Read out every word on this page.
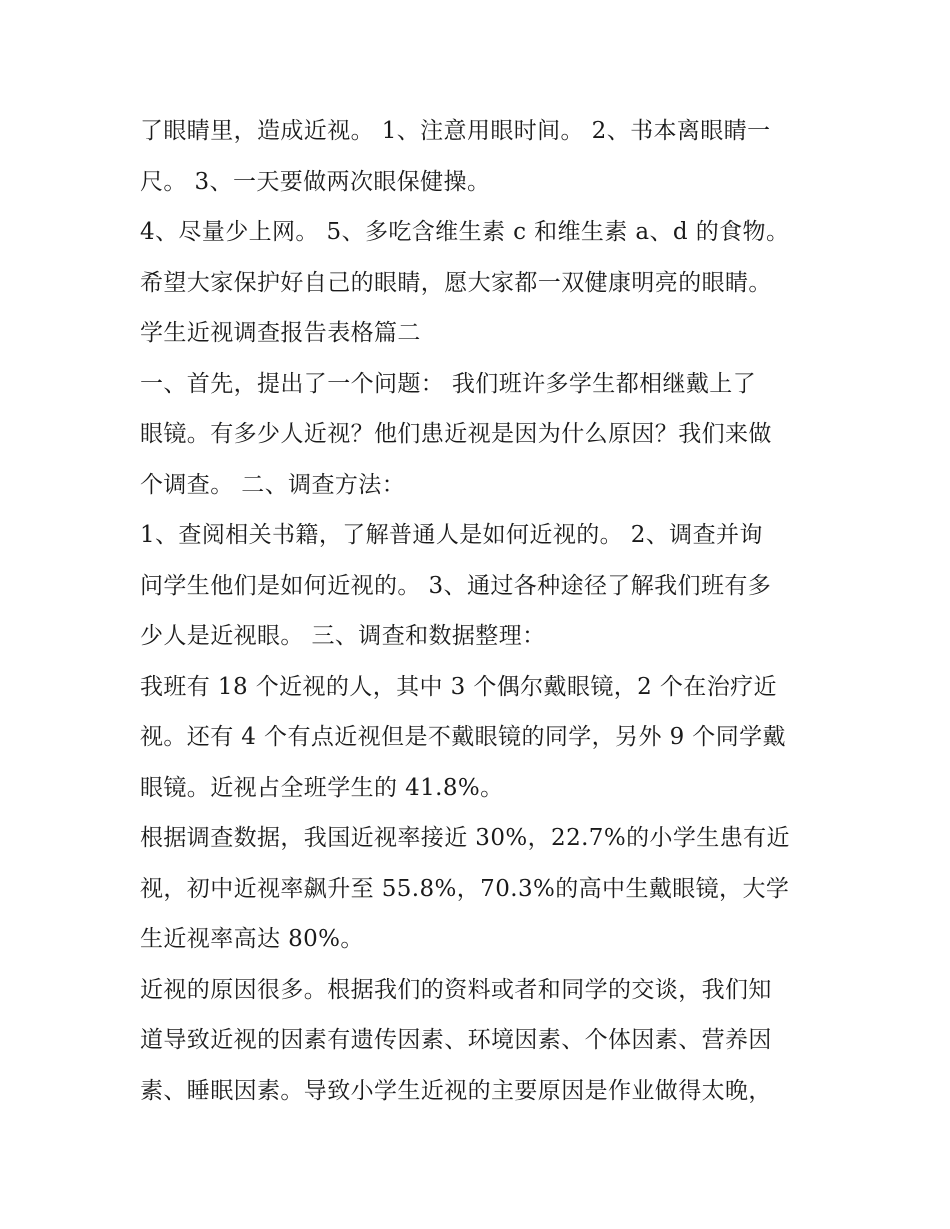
了眼睛里，造成近视。 1、注意用眼时间。 2、书本离眼睛一
尺。 3、一天要做两次眼保健操。
4、尽量少上网。 5、多吃含维生素 c 和维生素 a、d 的食物。
希望大家保护好自己的眼睛，愿大家都一双健康明亮的眼睛。
学生近视调查报告表格篇二
一、首先，提出了一个问题： 我们班许多学生都相继戴上了
眼镜。有多少人近视？他们患近视是因为什么原因？我们来做
个调查。 二、调查方法：
1、查阅相关书籍，了解普通人是如何近视的。 2、调查并询
问学生他们是如何近视的。 3、通过各种途径了解我们班有多
少人是近视眼。 三、调查和数据整理：
我班有 18 个近视的人，其中 3 个偶尔戴眼镜，2 个在治疗近
视。还有 4 个有点近视但是不戴眼镜的同学，另外 9 个同学戴
眼镜。近视占全班学生的 41.8%。
根据调查数据，我国近视率接近 30%，22.7%的小学生患有近
视，初中近视率飙升至 55.8%，70.3%的高中生戴眼镜，大学
生近视率高达 80%。
近视的原因很多。根据我们的资料或者和同学的交谈，我们知
道导致近视的因素有遗传因素、环境因素、个体因素、营养因
素、睡眠因素。导致小学生近视的主要原因是作业做得太晚，
